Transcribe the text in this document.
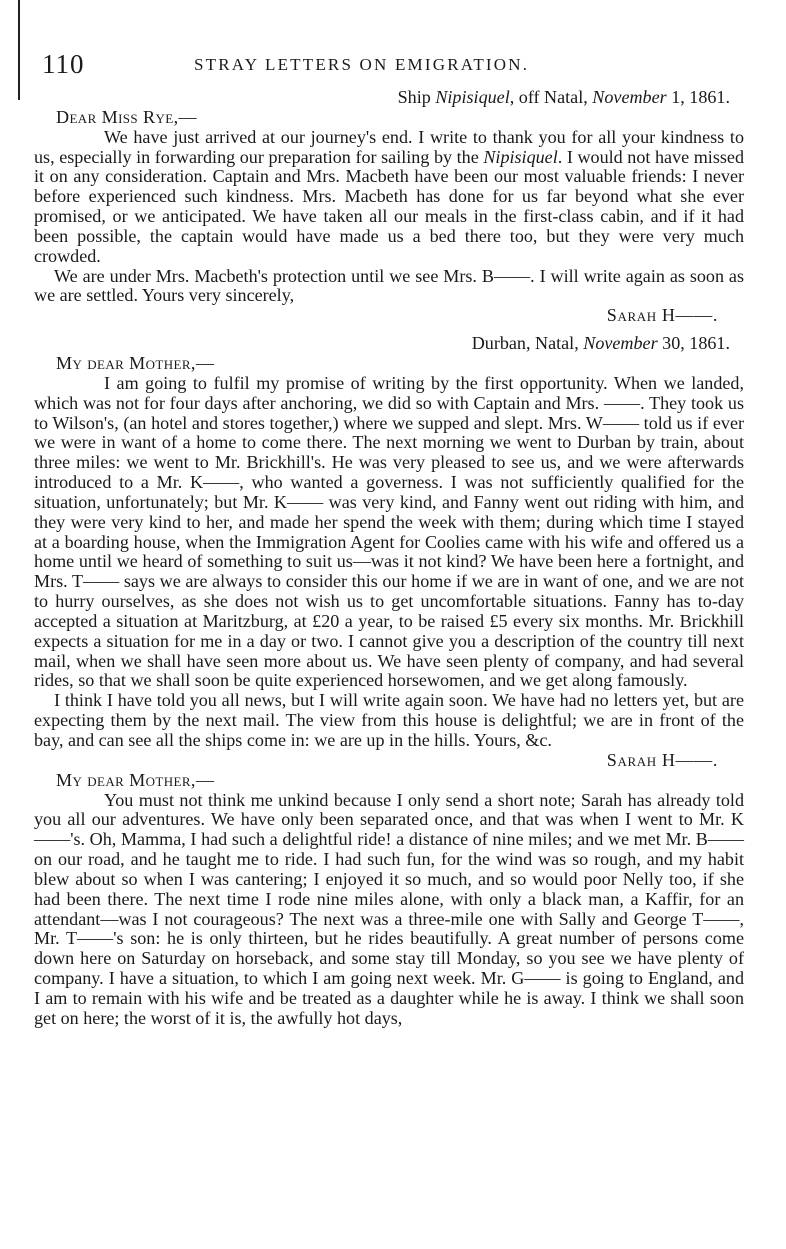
110	STRAY LETTERS ON EMIGRATION.

Ship Nipisiquel, off Natal, November 1, 1861.

Dear Miss Rye,—

We have just arrived at our journey's end. I write to thank you for all your kindness to us, especially in forwarding our preparation for sailing by the Nipisiquel. I would not have missed it on any consideration. Captain and Mrs. Macbeth have been our most valuable friends: I never before experienced such kindness. Mrs. Macbeth has done for us far beyond what she ever promised, or we anticipated. We have taken all our meals in the first-class cabin, and if it had been possible, the captain would have made us a bed there too, but they were very much crowded.

We are under Mrs. Macbeth's protection until we see Mrs. B——. I will write again as soon as we are settled. Yours very sincerely,

Sarah H——.

Durban, Natal, November 30, 1861.

My dear Mother,—

I am going to fulfil my promise of writing by the first opportunity. When we landed, which was not for four days after anchoring, we did so with Captain and Mrs. ——. They took us to Wilson's, (an hotel and stores together,) where we supped and slept. Mrs. W—— told us if ever we were in want of a home to come there. The next morning we went to Durban by train, about three miles: we went to Mr. Brickhill's. He was very pleased to see us, and we were afterwards introduced to a Mr. K——, who wanted a governess. I was not sufficiently qualified for the situation, unfortunately; but Mr. K—— was very kind, and Fanny went out riding with him, and they were very kind to her, and made her spend the week with them; during which time I stayed at a boarding house, when the Immigration Agent for Coolies came with his wife and offered us a home until we heard of something to suit us—was it not kind? We have been here a fortnight, and Mrs. T—— says we are always to consider this our home if we are in want of one, and we are not to hurry ourselves, as she does not wish us to get uncomfortable situations. Fanny has to-day accepted a situation at Maritzburg, at £20 a year, to be raised £5 every six months. Mr. Brickhill expects a situation for me in a day or two. I cannot give you a description of the country till next mail, when we shall have seen more about us. We have seen plenty of company, and had several rides, so that we shall soon be quite experienced horsewomen, and we get along famously.

I think I have told you all news, but I will write again soon. We have had no letters yet, but are expecting them by the next mail. The view from this house is delightful; we are in front of the bay, and can see all the ships come in: we are up in the hills. Yours, &c.

Sarah H——.

My dear Mother,—

You must not think me unkind because I only send a short note; Sarah has already told you all our adventures. We have only been separated once, and that was when I went to Mr. K——'s. Oh, Mamma, I had such a delightful ride! a distance of nine miles; and we met Mr. B—— on our road, and he taught me to ride. I had such fun, for the wind was so rough, and my habit blew about so when I was cantering; I enjoyed it so much, and so would poor Nelly too, if she had been there. The next time I rode nine miles alone, with only a black man, a Kaffir, for an attendant—was I not courageous? The next was a three-mile one with Sally and George T——, Mr. T——'s son: he is only thirteen, but he rides beautifully. A great number of persons come down here on Saturday on horseback, and some stay till Monday, so you see we have plenty of company. I have a situation, to which I am going next week. Mr. G—— is going to England, and I am to remain with his wife and be treated as a daughter while he is away. I think we shall soon get on here; the worst of it is, the awfully hot days,
